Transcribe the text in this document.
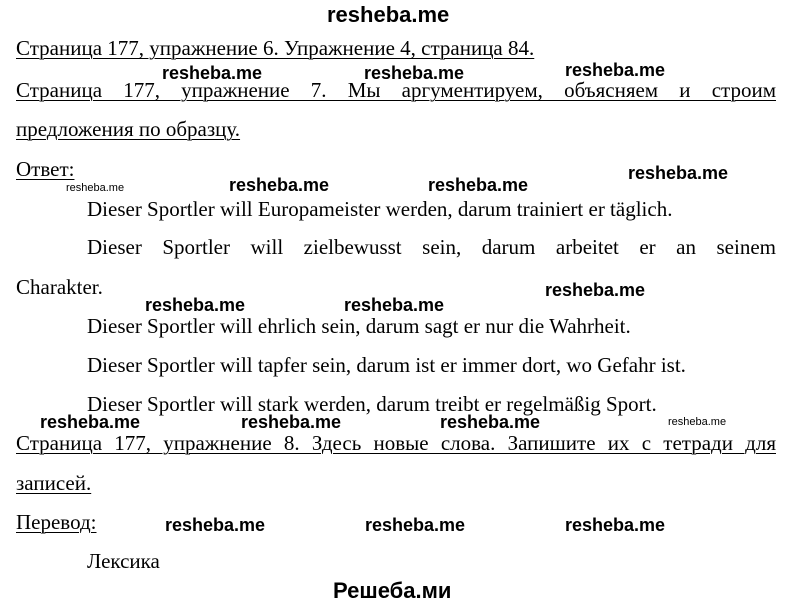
resheba.me
Страница 177, упражнение 6. Упражнение 4, страница 84.
resheba.me	resheba.me	resheba.me
Страница 177, упражнение 7. Мы аргументируем, объясняем и строим
предложения по образцу.
Ответ:
resheba.me	resheba.me	resheba.me
resheba.me
Dieser Sportler will Europameister werden, darum trainiert er täglich.
Dieser Sportler will zielbewusst sein, darum arbeitet er an seinem
Charakter.
resheba.me	resheba.me
resheba.me
Dieser Sportler will ehrlich sein, darum sagt er nur die Wahrheit.
Dieser Sportler will tapfer sein, darum ist er immer dort, wo Gefahr ist.
Dieser Sportler will stark werden, darum treibt er regelmäßig Sport.
resheba.me	resheba.me	resheba.me	resheba.me
Страница 177, упражнение 8. Здесь новые слова. Запишите их с тетради для
записей.
Перевод:	resheba.me	resheba.me	resheba.me
Лексика
Решеба.ми
